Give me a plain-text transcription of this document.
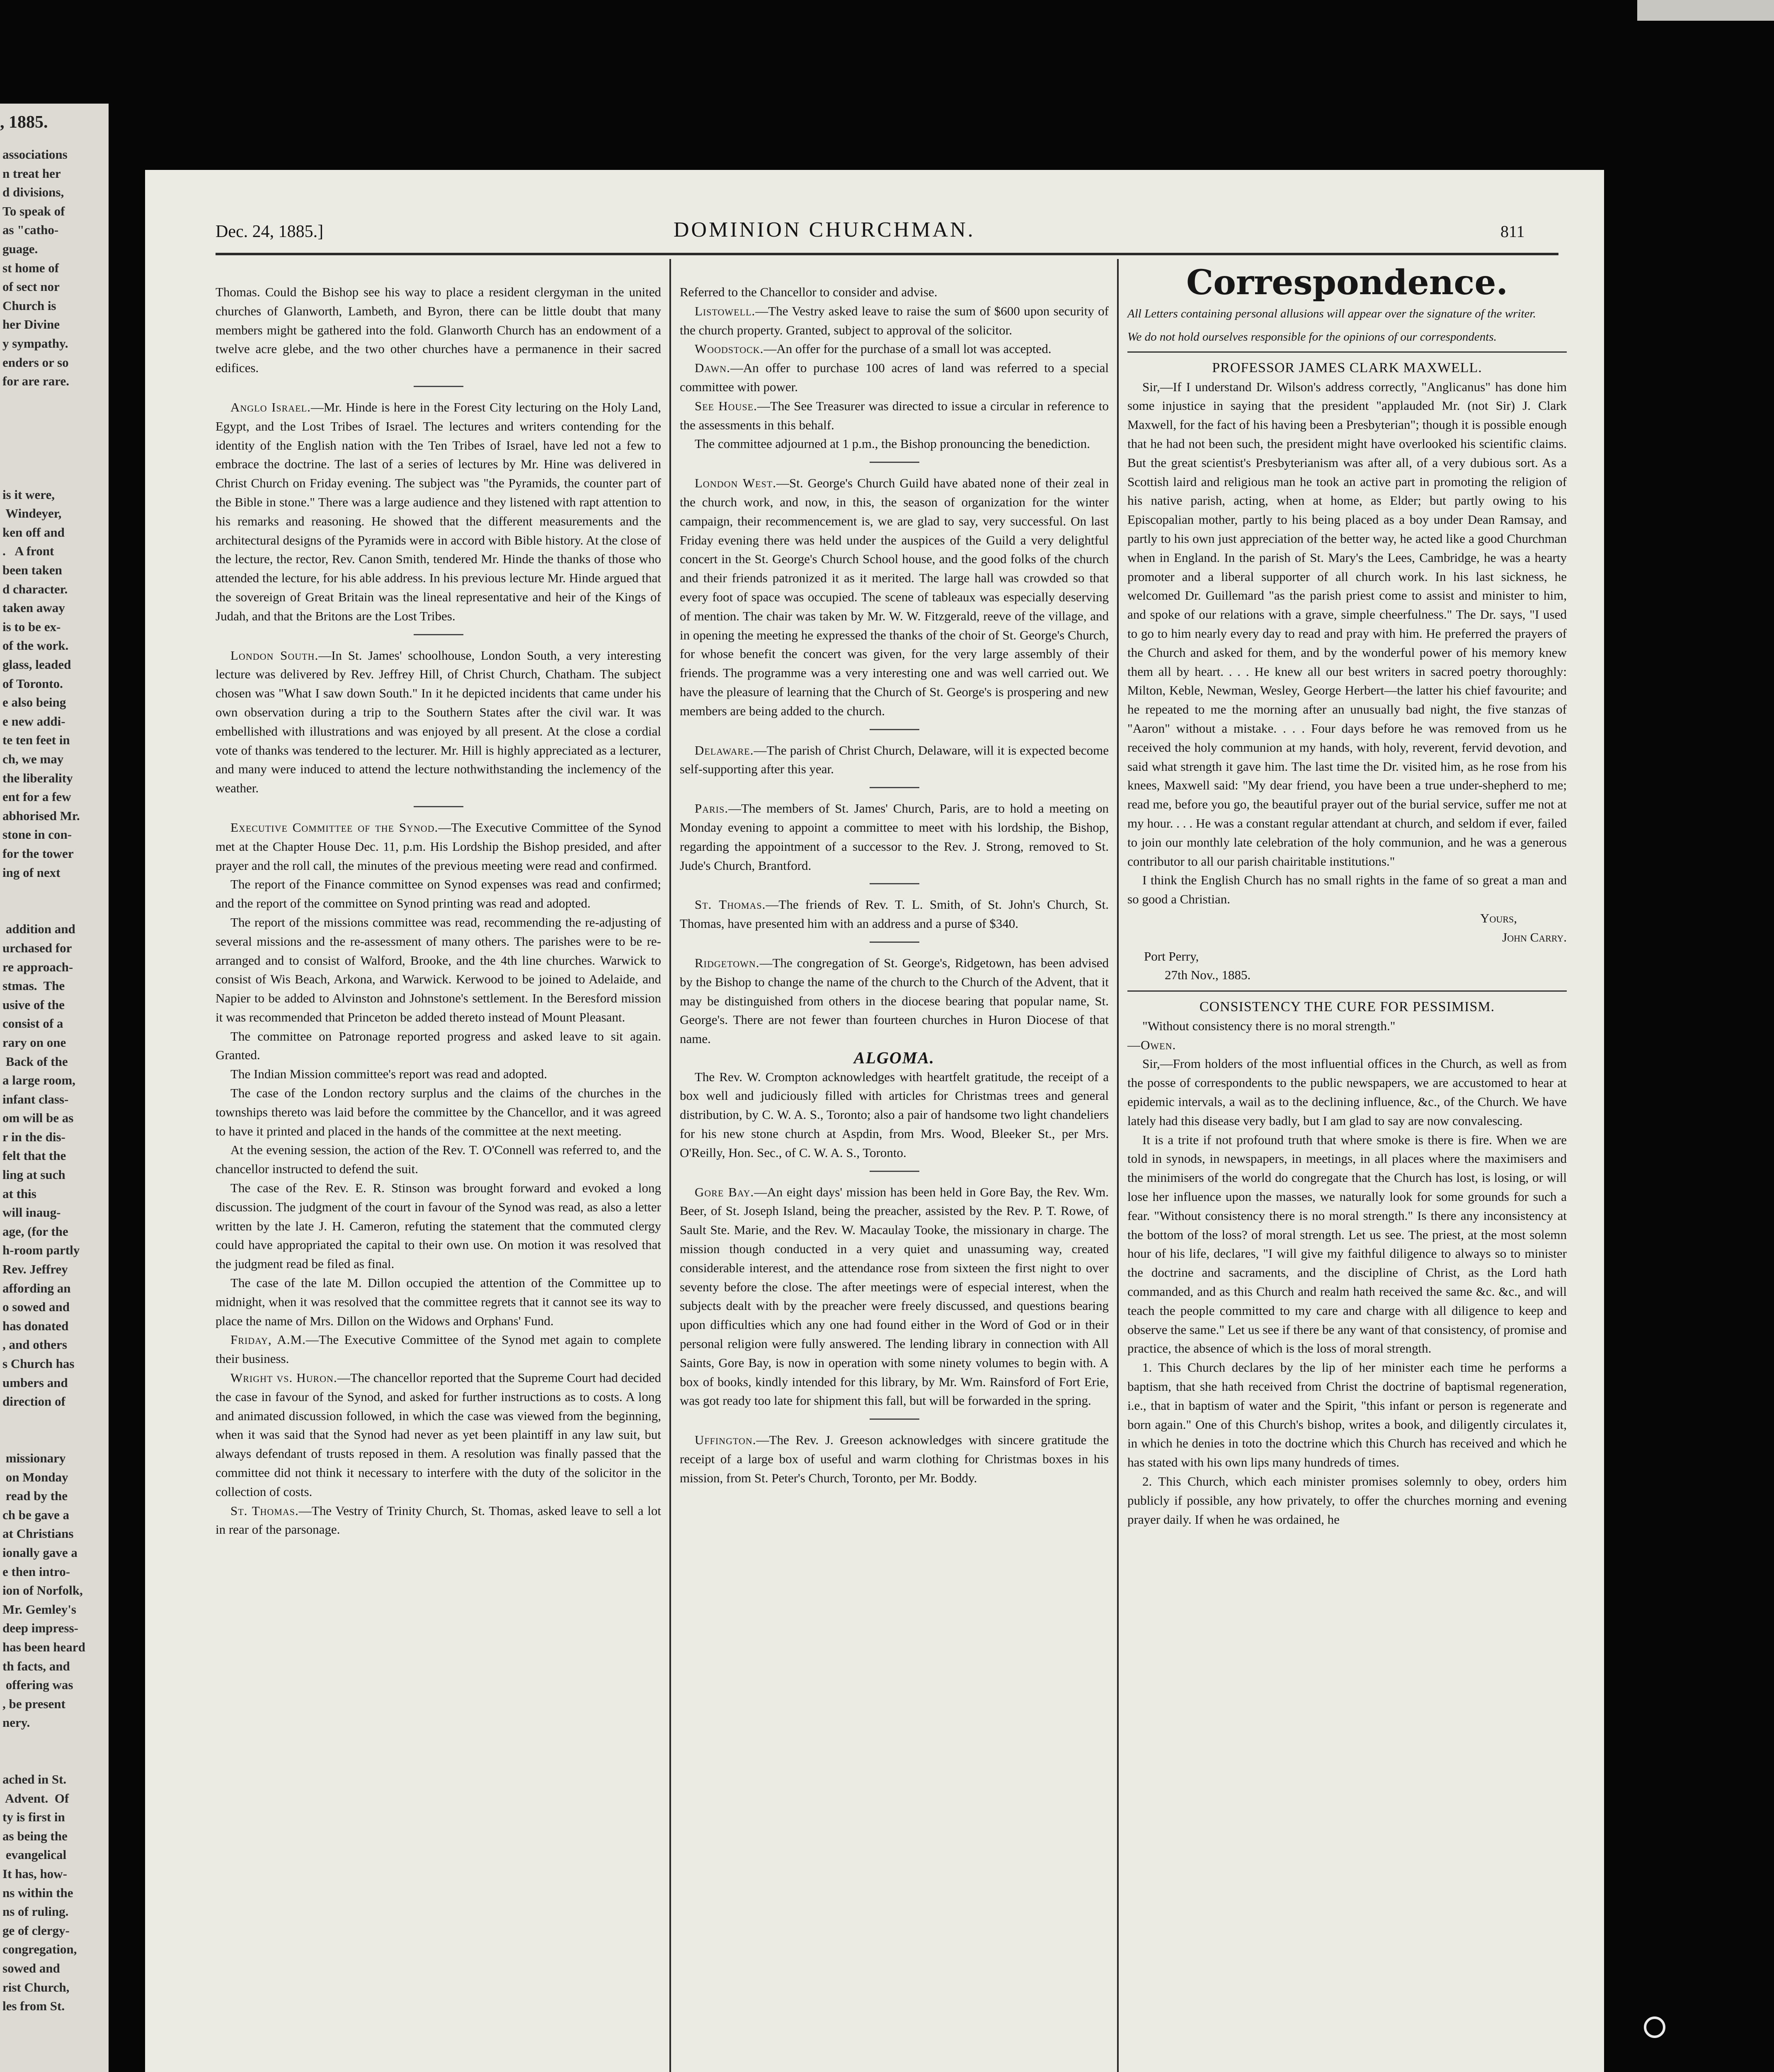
, 1885.
associations
n treat her
d divisions,
To speak of
as "catho-
guage.
st home of
of sect nor
Church is
her Divine
y sympathy.
enders or so
for are rare.

is it were,
Windeyer,
ken off and
.   A front
been taken
d character.
taken away
is to be ex-
of the work.
glass, leaded
of Toronto.
e also being
e new addi-
te ten feet in
ch, we may
the liberality
ent for a few
abhorised Mr.
stone in con-
for the tower
ing of next

addition and
urchased for
re approach-
stmas.  The
usive of the
consist of a
rary on one
Back of the
a large room,
infant class-
om will be as
r in the dis-
felt that the
ling at such
at this
will inaug-
age, (for the
h-room partly
Rev. Jeffrey
affording an
o sowed and
has donated
, and others
s Church has
umbers and
direction of

missionary
on Monday
read by the
ch be gave a
at Christians
ionally gave a
e then intro-
ion of Norfolk,
Mr. Gemley's
deep impress-
has been heard
th facts, and
offering was
, be present
nery.

ached in St.
Advent.  Of
ty is first in
as being the
evangelical
It has, how-
ns within the
ns of ruling.
ge of clergy-
congregation,
sowed and
rist Church,
les from St.
Dec. 24, 1885.]	DOMINION CHURCHMAN.	811

Thomas. Could the Bishop see his way to place a resident clergyman in the united churches of Glanworth, Lambeth, and Byron, there can be little doubt that many members might be gathered into the fold. Glanworth Church has an endowment of a twelve acre glebe, and the two other churches have a permanence in their sacred edifices.

Anglo Israel.—Mr. Hinde is here in the Forest City lecturing on the Holy Land, Egypt, and the Lost Tribes of Israel. The lectures and writers contending for the identity of the English nation with the Ten Tribes of Israel, have led not a few to embrace the doctrine. The last of a series of lectures by Mr. Hine was delivered in Christ Church on Friday evening. The subject was "the Pyramids, the counter part of the Bible in stone." There was a large audience and they listened with rapt attention to his remarks and reasoning. He showed that the different measurements and the architectural designs of the Pyramids were in accord with Bible history. At the close of the lecture, the rector, Rev. Canon Smith, tendered Mr. Hinde the thanks of those who attended the lecture, for his able address. In his previous lecture Mr. Hinde argued that the sovereign of Great Britain was the lineal representative and heir of the Kings of Judah, and that the Britons are the Lost Tribes.

London South.—In St. James' schoolhouse, London South, a very interesting lecture was delivered by Rev. Jeffrey Hill, of Christ Church, Chatham. The subject chosen was "What I saw down South." In it he depicted incidents that came under his own observation during a trip to the Southern States after the civil war. It was embellished with illustrations and was enjoyed by all present. At the close a cordial vote of thanks was tendered to the lecturer. Mr. Hill is highly appreciated as a lecturer, and many were induced to attend the lecture nothwithstanding the inclemency of the weather.

Executive Committee of the Synod.—The Executive Committee of the Synod met at the Chapter House Dec. 11, p.m. His Lordship the Bishop presided, and after prayer and the roll call, the minutes of the previous meeting were read and confirmed.

The report of the Finance committee on Synod expenses was read and confirmed; and the report of the committee on Synod printing was read and adopted.

The report of the missions committee was read, recommending the re-adjusting of several missions and the re-assessment of many others. The parishes were to be re-arranged and to consist of Walford, Brooke, and the 4th line churches. Warwick to consist of Wis Beach, Arkona, and Warwick. Kerwood to be joined to Adelaide, and Napier to be added to Alvinston and Johnstone's settlement. In the Beresford mission it was recommended that Princeton be added thereto instead of Mount Pleasant.

The committee on Patronage reported progress and asked leave to sit again. Granted.

The Indian Mission committee's report was read and adopted.

The case of the London rectory surplus and the claims of the churches in the townships thereto was laid before the committee by the Chancellor, and it was agreed to have it printed and placed in the hands of the committee at the next meeting.

At the evening session, the action of the Rev. T. O'Connell was referred to, and the chancellor instructed to defend the suit.

The case of the Rev. E. R. Stinson was brought forward and evoked a long discussion. The judgment of the court in favour of the Synod was read, as also a letter written by the late J. H. Cameron, refuting the statement that the commuted clergy could have appropriated the capital to their own use. On motion it was resolved that the judgment read be filed as final.

The case of the late M. Dillon occupied the attention of the Committee up to midnight, when it was resolved that the committee regrets that it cannot see its way to place the name of Mrs. Dillon on the Widows and Orphans' Fund.

Friday, A.M.—The Executive Committee of the Synod met again to complete their business.

Wright vs. Huron.—The chancellor reported that the Supreme Court had decided the case in favour of the Synod, and asked for further instructions as to costs. A long and animated discussion followed, in which the case was viewed from the beginning, when it was said that the Synod had never as yet been plaintiff in any law suit, but always defendant of trusts reposed in them. A resolution was finally passed that the committee did not think it necessary to interfere with the duty of the solicitor in the collection of costs.

St. Thomas.—The Vestry of Trinity Church, St. Thomas, asked leave to sell a lot in rear of the parsonage.

Referred to the Chancellor to consider and advise.

Listowell.—The Vestry asked leave to raise the sum of $600 upon security of the church property. Granted, subject to approval of the solicitor.

Woodstock.—An offer for the purchase of a small lot was accepted.

Dawn.—An offer to purchase 100 acres of land was referred to a special committee with power.

See House.—The See Treasurer was directed to issue a circular in reference to the assessments in this behalf.

The committee adjourned at 1 p.m., the Bishop pronouncing the benediction.

London West.—St. George's Church Guild have abated none of their zeal in the church work, and now, in this, the season of organization for the winter campaign, their recommencement is, we are glad to say, very successful. On last Friday evening there was held under the auspices of the Guild a very delightful concert in the St. George's Church School house, and the good folks of the church and their friends patronized it as it merited. The large hall was crowded so that every foot of space was occupied. The scene of tableaux was especially deserving of mention. The chair was taken by Mr. W. W. Fitzgerald, reeve of the village, and in opening the meeting he expressed the thanks of the choir of St. George's Church, for whose benefit the concert was given, for the very large assembly of their friends. The programme was a very interesting one and was well carried out. We have the pleasure of learning that the Church of St. George's is prospering and new members are being added to the church.

Delaware.—The parish of Christ Church, Delaware, will it is expected become self-supporting after this year.

Paris.—The members of St. James' Church, Paris, are to hold a meeting on Monday evening to appoint a committee to meet with his lordship, the Bishop, regarding the appointment of a successor to the Rev. J. Strong, removed to St. Jude's Church, Brantford.

St. Thomas.—The friends of Rev. T. L. Smith, of St. John's Church, St. Thomas, have presented him with an address and a purse of $340.

Ridgetown.—The congregation of St. George's, Ridgetown, has been advised by the Bishop to change the name of the church to the Church of the Advent, that it may be distinguished from others in the diocese bearing that popular name, St. George's. There are not fewer than fourteen churches in Huron Diocese of that name.

ALGOMA.

The Rev. W. Crompton acknowledges with heartfelt gratitude, the receipt of a box well and judiciously filled with articles for Christmas trees and general distribution, by C. W. A. S., Toronto; also a pair of handsome two light chandeliers for his new stone church at Aspdin, from Mrs. Wood, Bleeker St., per Mrs. O'Reilly, Hon. Sec., of C. W. A. S., Toronto.

Gore Bay.—An eight days' mission has been held in Gore Bay, the Rev. Wm. Beer, of St. Joseph Island, being the preacher, assisted by the Rev. P. T. Rowe, of Sault Ste. Marie, and the Rev. W. Macaulay Tooke, the missionary in charge. The mission though conducted in a very quiet and unassuming way, created considerable interest, and the attendance rose from sixteen the first night to over seventy before the close. The after meetings were of especial interest, when the subjects dealt with by the preacher were freely discussed, and questions bearing upon difficulties which any one had found either in the Word of God or in their personal religion were fully answered. The lending library in connection with All Saints, Gore Bay, is now in operation with some ninety volumes to begin with. A box of books, kindly intended for this library, by Mr. Wm. Rainsford of Fort Erie, was got ready too late for shipment this fall, but will be forwarded in the spring.

Uffington.—The Rev. J. Greeson acknowledges with sincere gratitude the receipt of a large box of useful and warm clothing for Christmas boxes in his mission, from St. Peter's Church, Toronto, per Mr. Boddy.

Correspondence.

All Letters containing personal allusions will appear over the signature of the writer.

We do not hold ourselves responsible for the opinions of our correspondents.

PROFESSOR JAMES CLARK MAXWELL.

Sir,—If I understand Dr. Wilson's address correctly, "Anglicanus" has done him some injustice in saying that the president "applauded Mr. (not Sir) J. Clark Maxwell, for the fact of his having been a Presbyterian"; though it is possible enough that he had not been such, the president might have overlooked his scientific claims. But the great scientist's Presbyterianism was after all, of a very dubious sort. As a Scottish laird and religious man he took an active part in promoting the religion of his native parish, acting, when at home, as Elder; but partly owing to his Episcopalian mother, partly to his being placed as a boy under Dean Ramsay, and partly to his own just appreciation of the better way, he acted like a good Churchman when in England. In the parish of St. Mary's the Lees, Cambridge, he was a hearty promoter and a liberal supporter of all church work. In his last sickness, he welcomed Dr. Guillemard "as the parish priest come to assist and minister to him, and spoke of our relations with a grave, simple cheerfulness." The Dr. says, "I used to go to him nearly every day to read and pray with him. He preferred the prayers of the Church and asked for them, and by the wonderful power of his memory knew them all by heart. . . . He knew all our best writers in sacred poetry thoroughly: Milton, Keble, Newman, Wesley, George Herbert—the latter his chief favourite; and he repeated to me the morning after an unusually bad night, the five stanzas of "Aaron" without a mistake. . . . Four days before he was removed from us he received the holy communion at my hands, with holy, reverent, fervid devotion, and said what strength it gave him. The last time the Dr. visited him, as he rose from his knees, Maxwell said: "My dear friend, you have been a true under-shepherd to me; read me, before you go, the beautiful prayer out of the burial service, suffer me not at my hour. . . . He was a constant regular attendant at church, and seldom if ever, failed to join our monthly late celebration of the holy communion, and he was a generous contributor to all our parish chairitable institutions."

I think the English Church has no small rights in the fame of so great a man and so good a Christian.

Yours,

John Carry.

Port Perry,

27th Nov., 1885.

CONSISTENCY THE CURE FOR PESSIMISM.

"Without consistency there is no moral strength."

—Owen.

Sir,—From holders of the most influential offices in the Church, as well as from the posse of correspondents to the public newspapers, we are accustomed to hear at epidemic intervals, a wail as to the declining influence, &c., of the Church. We have lately had this disease very badly, but I am glad to say are now convalescing.

It is a trite if not profound truth that where smoke is there is fire. When we are told in synods, in newspapers, in meetings, in all places where the maximisers and the minimisers of the world do congregate that the Church has lost, is losing, or will lose her influence upon the masses, we naturally look for some grounds for such a fear. "Without consistency there is no moral strength." Is there any inconsistency at the bottom of the loss? of moral strength. Let us see. The priest, at the most solemn hour of his life, declares, "I will give my faithful diligence to always so to minister the doctrine and sacraments, and the discipline of Christ, as the Lord hath commanded, and as this Church and realm hath received the same &c. &c., and will teach the people committed to my care and charge with all diligence to keep and observe the same." Let us see if there be any want of that consistency, of promise and practice, the absence of which is the loss of moral strength.

1. This Church declares by the lip of her minister each time he performs a baptism, that she hath received from Christ the doctrine of baptismal regeneration, i.e., that in baptism of water and the Spirit, "this infant or person is regenerate and born again." One of this Church's bishop, writes a book, and diligently circulates it, in which he denies in toto the doctrine which this Church has received and which he has stated with his own lips many hundreds of times.

2. This Church, which each minister promises solemnly to obey, orders him publicly if possible, any how privately, to offer the churches morning and evening prayer daily. If when he was ordained, he
